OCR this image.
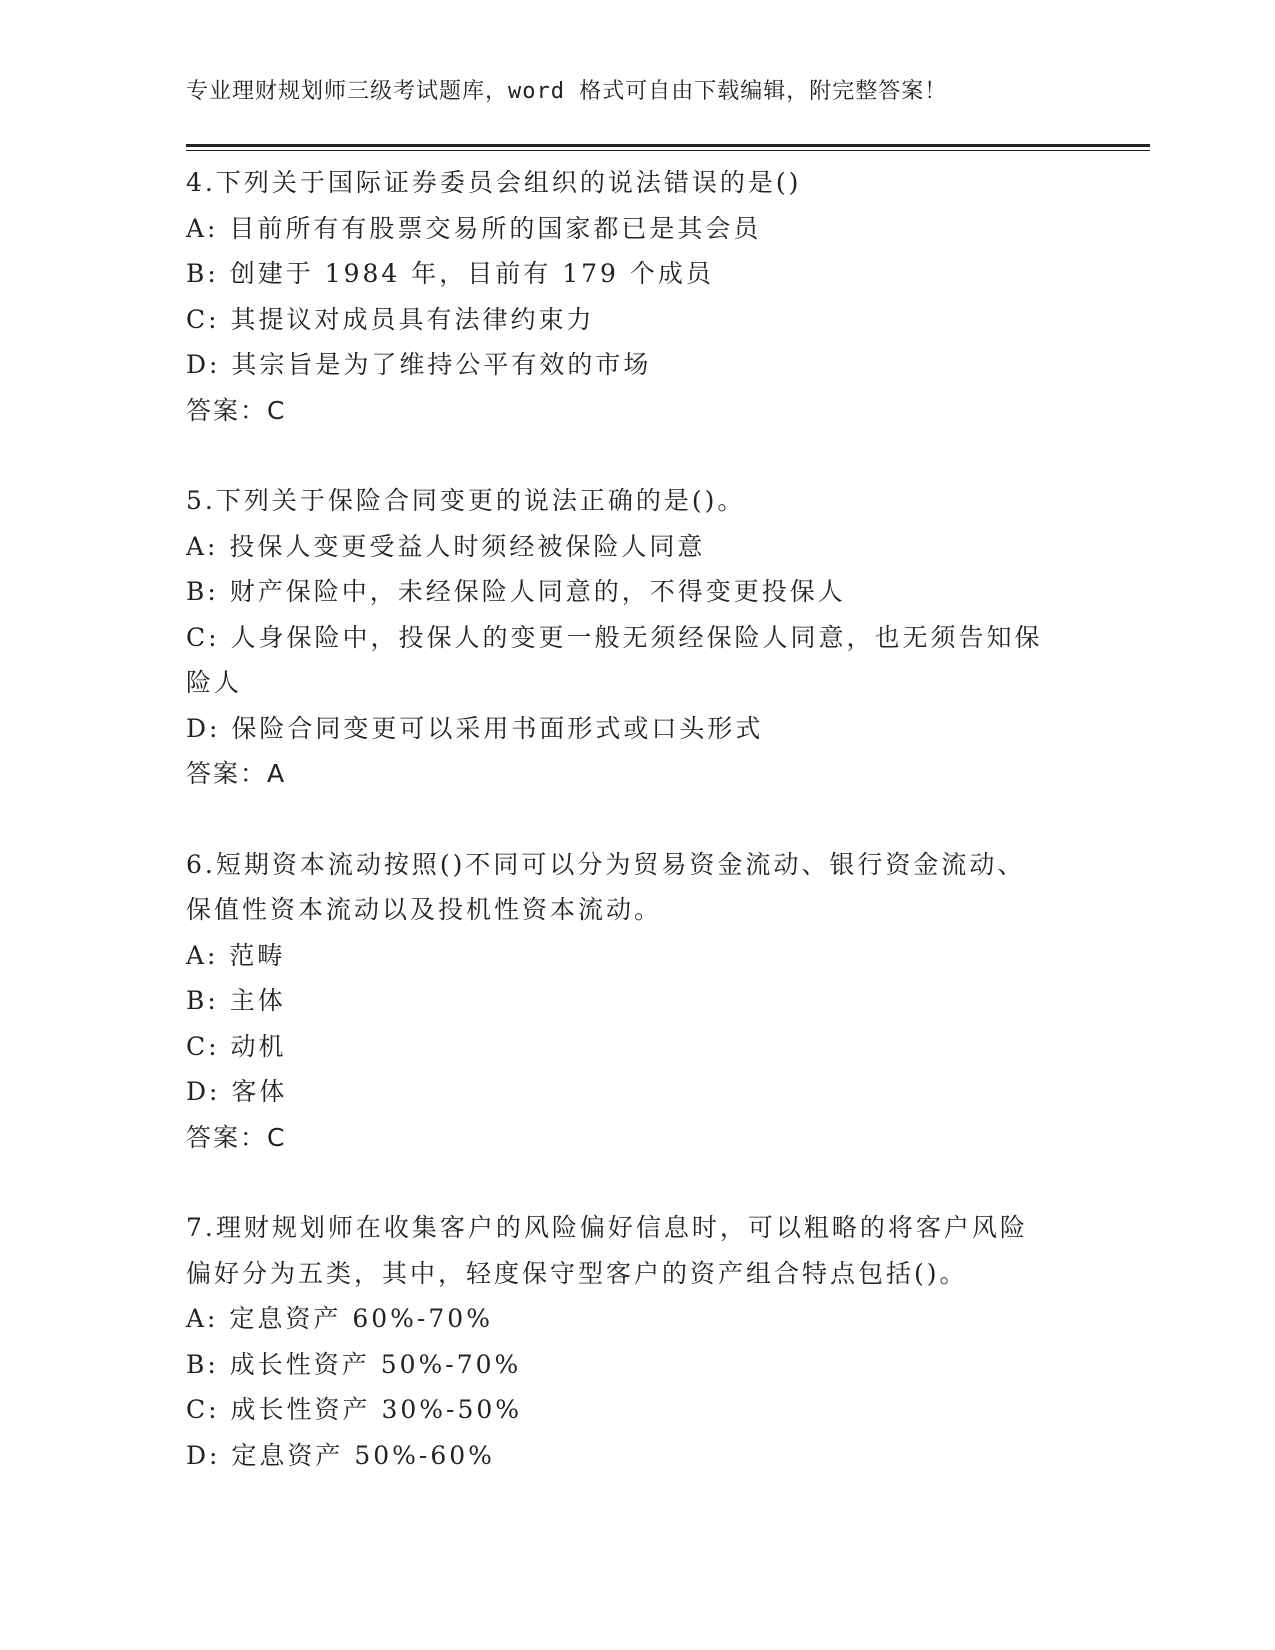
专业理财规划师三级考试题库，word 格式可自由下载编辑，附完整答案！

4.下列关于国际证券委员会组织的说法错误的是()

A: 目前所有有股票交易所的国家都已是其会员

B: 创建于 1984 年，目前有 179 个成员

C: 其提议对成员具有法律约束力

D: 其宗旨是为了维持公平有效的市场

答案：C

5.下列关于保险合同变更的说法正确的是()。

A: 投保人变更受益人时须经被保险人同意

B: 财产保险中，未经保险人同意的，不得变更投保人

C: 人身保险中，投保人的变更一般无须经保险人同意，也无须告知保

险人

D: 保险合同变更可以采用书面形式或口头形式

答案：A

6.短期资本流动按照()不同可以分为贸易资金流动、银行资金流动、

保值性资本流动以及投机性资本流动。

A: 范畴

B: 主体

C: 动机

D: 客体

答案：C

7.理财规划师在收集客户的风险偏好信息时，可以粗略的将客户风险

偏好分为五类，其中，轻度保守型客户的资产组合特点包括()。

A: 定息资产 60%-70%

B: 成长性资产 50%-70%

C: 成长性资产 30%-50%

D: 定息资产 50%-60%
